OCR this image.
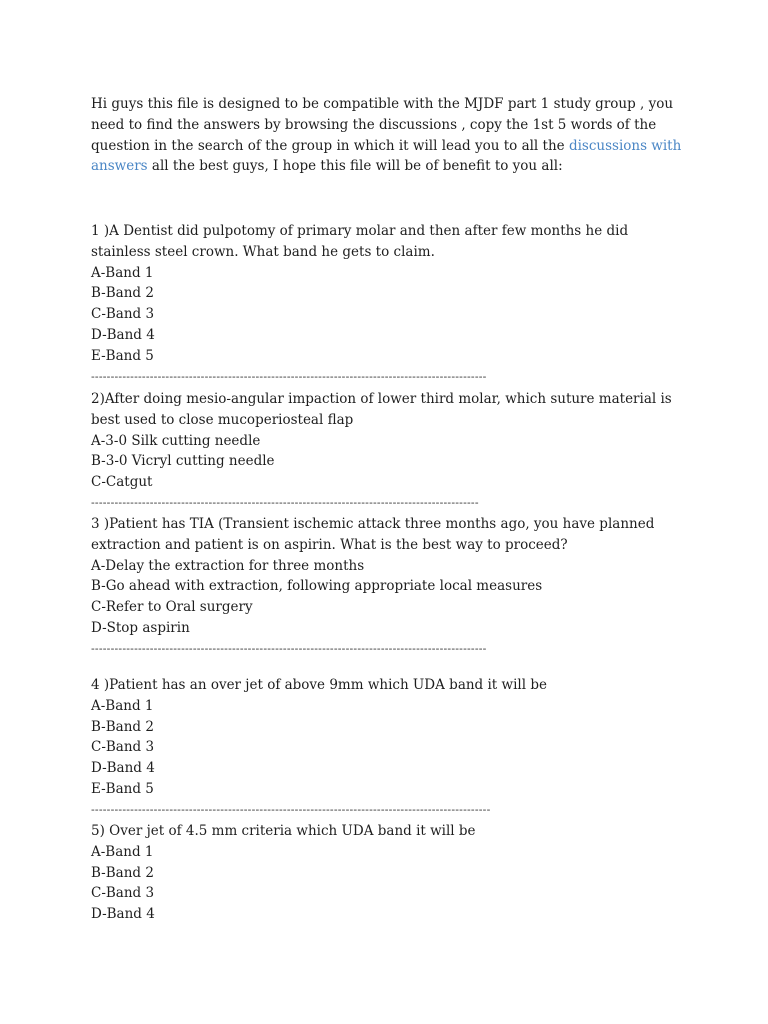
Hi guys this file is designed to be compatible with the MJDF part 1 study group , you need to find the answers by browsing the discussions , copy the 1st 5 words of the question in the search of the group in which it will lead you to all the discussions with answers all the best guys, I hope this file will be of benefit to you all:
1 )A Dentist did pulpotomy of primary molar and then after few months he did stainless steel crown. What band he gets to claim.
A-Band 1
B-Band 2
C-Band 3
D-Band 4
E-Band 5
-----------------------------------------------------------------------------------------------------
2)After doing mesio-angular impaction of lower third molar, which suture material is best used to close mucoperiosteal flap
A-3-0 Silk cutting needle
B-3-0 Vicryl cutting needle
C-Catgut
---------------------------------------------------------------------------------------------------
3 )Patient has TIA (Transient ischemic attack three months ago, you have planned extraction and patient is on aspirin. What is the best way to proceed?
A-Delay the extraction for three months
B-Go ahead with extraction, following appropriate local measures
C-Refer to Oral surgery
D-Stop aspirin
-----------------------------------------------------------------------------------------------------
4 )Patient has an over jet of above 9mm which UDA band it will be
A-Band 1
B-Band 2
C-Band 3
D-Band 4
E-Band 5
------------------------------------------------------------------------------------------------------
5) Over jet of 4.5 mm criteria which UDA band it will be
A-Band 1
B-Band 2
C-Band 3
D-Band 4
